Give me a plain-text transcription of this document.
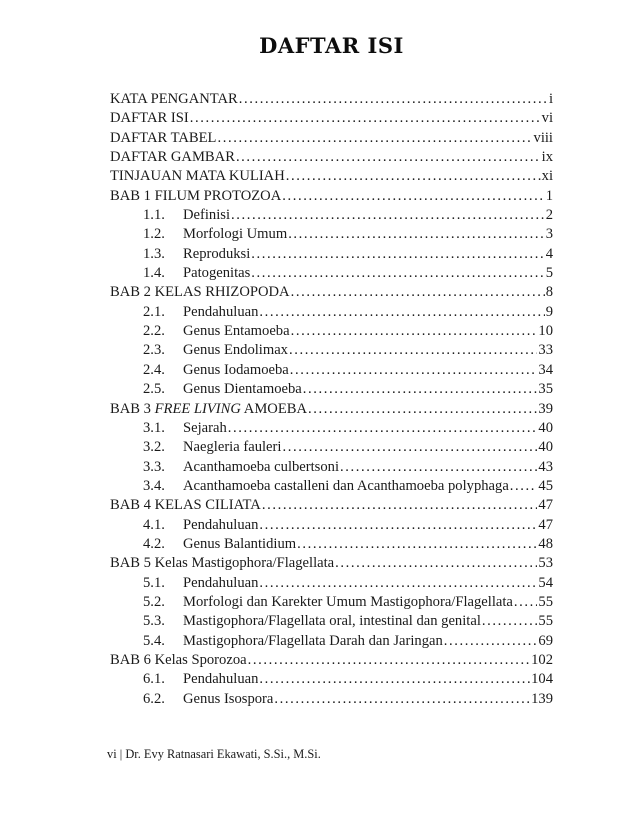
DAFTAR ISI
KATA PENGANTAR .....	i
DAFTAR ISI .....	vi
DAFTAR TABEL .....	viii
DAFTAR GAMBAR .....	ix
TINJAUAN MATA KULIAH .....	xi
BAB 1 FILUM PROTOZOA .....	1
1.1.	Definisi .....	2
1.2.	Morfologi Umum .....	3
1.3.	Reproduksi .....	4
1.4.	Patogenitas .....	5
BAB 2 KELAS RHIZOPODA .....	8
2.1.	Pendahuluan .....	9
2.2.	Genus Entamoeba .....	10
2.3.	Genus Endolimax .....	33
2.4.	Genus Iodamoeba .....	34
2.5.	Genus Dientamoeba .....	35
BAB 3 FREE LIVING AMOEBA .....	39
3.1.	Sejarah .....	40
3.2.	Naegleria fauleri .....	40
3.3.	Acanthamoeba culbertsoni .....	43
3.4.	Acanthamoeba castalleni dan Acanthamoeba polyphaga ..... 45
BAB 4 KELAS CILIATA .....	47
4.1.	Pendahuluan .....	47
4.2.	Genus Balantidium .....	48
BAB 5 Kelas Mastigophora/Flagellata .....	53
5.1.	Pendahuluan .....	54
5.2.	Morfologi dan Karekter Umum Mastigophora/Flagellata ..... 55
5.3.	Mastigophora/Flagellata oral, intestinal dan genital .....	55
5.4.	Mastigophora/Flagellata Darah dan Jaringan .....	69
BAB 6 Kelas Sporozoa .....	102
6.1.	Pendahuluan .....	104
6.2.	Genus Isospora .....	139
vi | Dr. Evy Ratnasari Ekawati, S.Si., M.Si.
